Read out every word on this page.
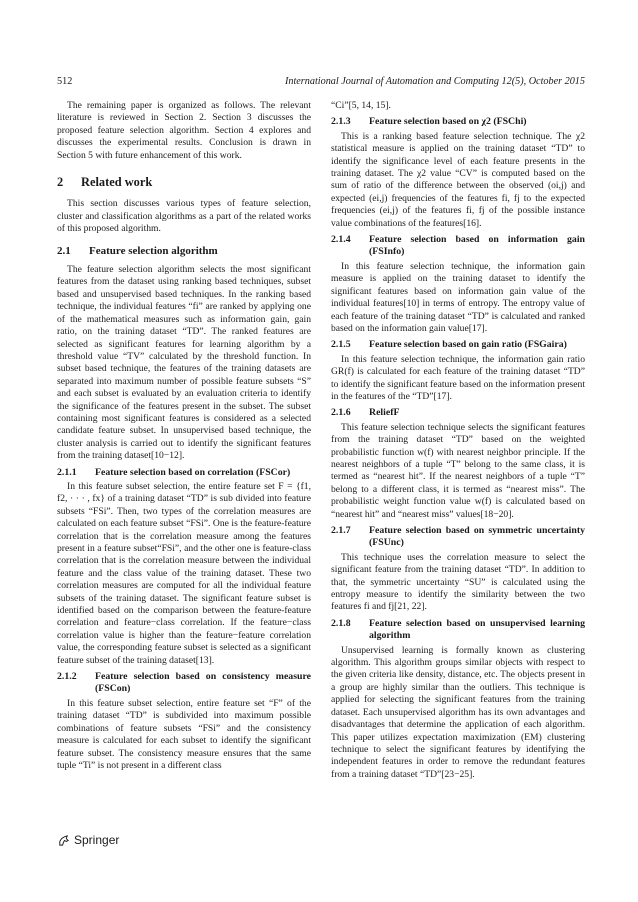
512	International Journal of Automation and Computing 12(5), October 2015

The remaining paper is organized as follows. The relevant literature is reviewed in Section 2. Section 3 discusses the proposed feature selection algorithm. Section 4 explores and discusses the experimental results. Conclusion is drawn in Section 5 with future enhancement of this work.

2 Related work

This section discusses various types of feature selection, cluster and classification algorithms as a part of the related works of this proposed algorithm.

2.1 Feature selection algorithm

The feature selection algorithm selects the most significant features from the dataset using ranking based techniques, subset based and unsupervised based techniques. In the ranking based technique, the individual features “fi” are ranked by applying one of the mathematical measures such as information gain, gain ratio, on the training dataset “TD”. The ranked features are selected as significant features for learning algorithm by a threshold value “TV” calculated by the threshold function. In subset based technique, the features of the training datasets are separated into maximum number of possible feature subsets “S” and each subset is evaluated by an evaluation criteria to identify the significance of the features present in the subset. The subset containing most significant features is considered as a selected candidate feature subset. In unsupervised based technique, the cluster analysis is carried out to identify the significant features from the training dataset[10−12].

2.1.1	Feature selection based on correlation (FSCor)

In this feature subset selection, the entire feature set F = {f1, f2, · · · , fx} of a training dataset “TD” is sub divided into feature subsets “FSi”. Then, two types of the correlation measures are calculated on each feature subset “FSi”. One is the feature-feature correlation that is the correlation measure among the features present in a feature subset“FSi”, and the other one is feature-class correlation that is the correlation measure between the individual feature and the class value of the training dataset. These two correlation measures are computed for all the individual feature subsets of the training dataset. The significant feature subset is identified based on the comparison between the feature-feature correlation and feature−class correlation. If the feature−class correlation value is higher than the feature−feature correlation value, the corresponding feature subset is selected as a significant feature subset of the training dataset[13].

2.1.2	Feature selection based on consistency measure (FSCon)

In this feature subset selection, entire feature set “F” of the training dataset “TD” is subdivided into maximum possible combinations of feature subsets “FSi” and the consistency measure is calculated for each subset to identify the significant feature subset. The consistency measure ensures that the same tuple “Ti” is not present in a different class

“Ci”[5, 14, 15].

2.1.3	Feature selection based on χ2 (FSChi)

This is a ranking based feature selection technique. The χ2 statistical measure is applied on the training dataset “TD” to identify the significance level of each feature presents in the training dataset. The χ2 value “CV” is computed based on the sum of ratio of the difference between the observed (oi,j) and expected (ei,j) frequencies of the features fi, fj to the expected frequencies (ei,j) of the features fi, fj of the possible instance value combinations of the features[16].

2.1.4	Feature selection based on information gain (FSInfo)

In this feature selection technique, the information gain measure is applied on the training dataset to identify the significant features based on information gain value of the individual features[10] in terms of entropy. The entropy value of each feature of the training dataset “TD” is calculated and ranked based on the information gain value[17].

2.1.5	Feature selection based on gain ratio (FSGaira)

In this feature selection technique, the information gain ratio GR(f) is calculated for each feature of the training dataset “TD” to identify the significant feature based on the information present in the features of the “TD”[17].

2.1.6	ReliefF

This feature selection technique selects the significant features from the training dataset “TD” based on the weighted probabilistic function w(f) with nearest neighbor principle. If the nearest neighbors of a tuple “T” belong to the same class, it is termed as “nearest hit”. If the nearest neighbors of a tuple “T” belong to a different class, it is termed as “nearest miss”. The probabilistic weight function value w(f) is calculated based on “nearest hit” and “nearest miss” values[18−20].

2.1.7	Feature selection based on symmetric uncertainty (FSUnc)

This technique uses the correlation measure to select the significant feature from the training dataset “TD”. In addition to that, the symmetric uncertainty “SU” is calculated using the entropy measure to identify the similarity between the two features fi and fj[21, 22].

2.1.8	Feature selection based on unsupervised learning algorithm

Unsupervised learning is formally known as clustering algorithm. This algorithm groups similar objects with respect to the given criteria like density, distance, etc. The objects present in a group are highly similar than the outliers. This technique is applied for selecting the significant features from the training dataset. Each unsupervised algorithm has its own advantages and disadvantages that determine the application of each algorithm. This paper utilizes expectation maximization (EM) clustering technique to select the significant features by identifying the independent features in order to remove the redundant features from a training dataset “TD”[23−25].

Springer
